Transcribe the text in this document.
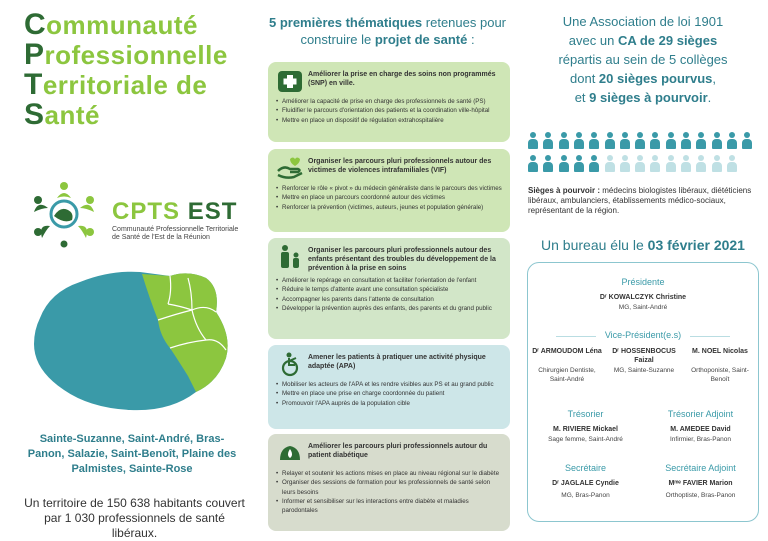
Communauté
Professionnelle
Territoriale de
Santé
CPTS EST
Communauté Professionnelle Territoriale
de Santé de l'Est de la Réunion
Sainte-Suzanne, Saint-André, Bras-Panon, Salazie, Saint-Benoît, Plaine des Palmistes, Sainte-Rose
Un territoire de 150 638 habitants couvert par 1 030 professionnels de santé libéraux.
5 premières thématiques retenues pour construire le projet de santé :
Améliorer la prise en charge des soins non programmés (SNP) en ville.
• Améliorer la capacité de prise en charge des professionnels de santé (PS)
• Fluidifier le parcours d'orientation des patients et la coordination ville-hôpital
• Mettre en place un dispositif de régulation extrahospitalière
Organiser les parcours pluri professionnels autour des victimes de violences intrafamiliales (VIF)
• Renforcer le rôle « pivot » du médecin généraliste dans le parcours des victimes
• Mettre en place un parcours coordonné autour des victimes
• Renforcer la prévention (victimes, auteurs, jeunes et population générale)
Organiser les parcours pluri professionnels autour des enfants présentant des troubles du développement de la prévention à la prise en soins
• Améliorer le repérage en consultation et faciliter l'orientation de l'enfant
• Réduire le temps d'attente avant une consultation spécialiste
• Accompagner les parents dans l'attente de consultation
• Développer la prévention auprès des enfants, des parents et du grand public
Amener les patients à pratiquer une activité physique adaptée (APA)
• Mobiliser les acteurs de l'APA et les rendre visibles aux PS et au grand public
• Mettre en place une prise en charge coordonnée du patient
• Promouvoir l'APA auprès de la population cible
Améliorer les parcours pluri professionnels autour du patient diabétique
• Relayer et soutenir les actions mises en place au niveau régional sur le diabète
• Organiser des sessions de formation pour les professionnels de santé selon leurs besoins
• Informer et sensibiliser sur les interactions entre diabète et maladies parodontales
Une Association de loi 1901
avec un CA de 29 sièges
répartis au sein de 5 collèges
dont 20 sièges pourvus,
et 9 sièges à pourvoir.
Sièges à pourvoir : médecins biologistes libéraux, diététiciens libéraux, ambulanciers, établissements médico-sociaux, représentant de la région.
Un bureau élu le 03 février 2021
Présidente
Dʳ KOWALCZYK Christine
MG, Saint-André
Vice-Président(e.s)
Dʳ ARMOUDOM Léna
Chirurgien Dentiste, Saint-André
Dʳ HOSSENBOCUS Faizal
MG, Sainte-Suzanne
M. NOEL Nicolas
Orthoponiste, Saint-Benoît
Trésorier
M. RIVIERE Mickael
Sage femme, Saint-André
Trésorier Adjoint
M. AMEDEE David
Infirmier, Bras-Panon
Secrétaire
Dʳ JAGLALE Cyndie
MG, Bras-Panon
Secrétaire Adjoint
Mᵐᵉ FAVIER Marion
Orthoptiste, Bras-Panon
